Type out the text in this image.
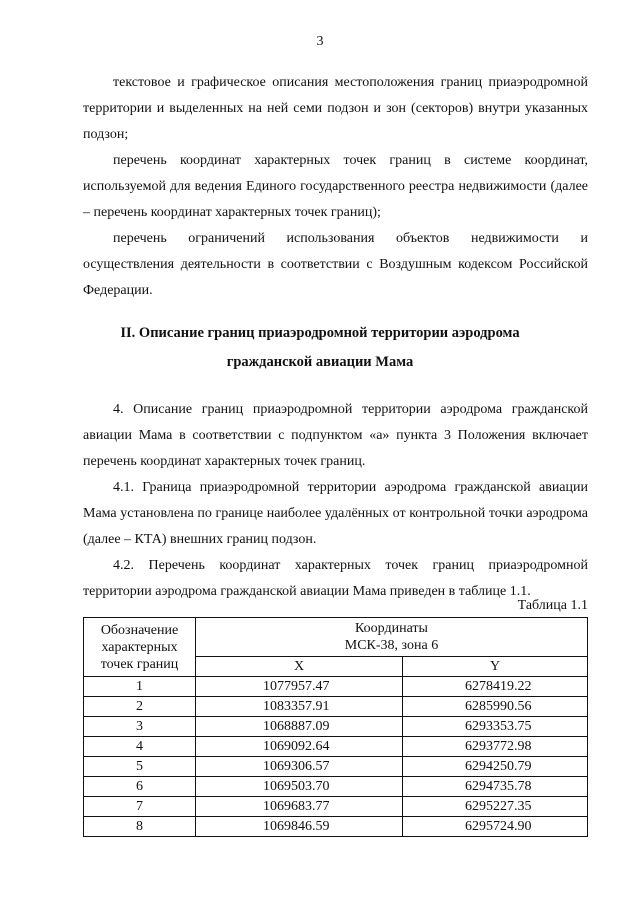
3

текстовое и графическое описания местоположения границ приаэродромной территории и выделенных на ней семи подзон и зон (секторов) внутри указанных подзон;

перечень координат характерных точек границ в системе координат, используемой для ведения Единого государственного реестра недвижимости (далее – перечень координат характерных точек границ);

перечень ограничений использования объектов недвижимости и осуществления деятельности в соответствии с Воздушным кодексом Российской Федерации.

II. Описание границ приаэродромной территории аэродрома
гражданской авиации Мама

4. Описание границ приаэродромной территории аэродрома гражданской авиации Мама в соответствии с подпунктом «а» пункта 3 Положения включает перечень координат характерных точек границ.

4.1. Граница приаэродромной территории аэродрома гражданской авиации Мама установлена по границе наиболее удалённых от контрольной точки аэродрома (далее – КТА) внешних границ подзон.

4.2. Перечень координат характерных точек границ приаэродромной территории аэродрома гражданской авиации Мама приведен в таблице 1.1.

Таблица 1.1
Обозначение
характерных
точек границ	Координаты
МСК-38, зона 6	
	X	Y
1	1077957.47	6278419.22
2	1083357.91	6285990.56
3	1068887.09	6293353.75
4	1069092.64	6293772.98
5	1069306.57	6294250.79
6	1069503.70	6294735.78
7	1069683.77	6295227.35
8	1069846.59	6295724.90
